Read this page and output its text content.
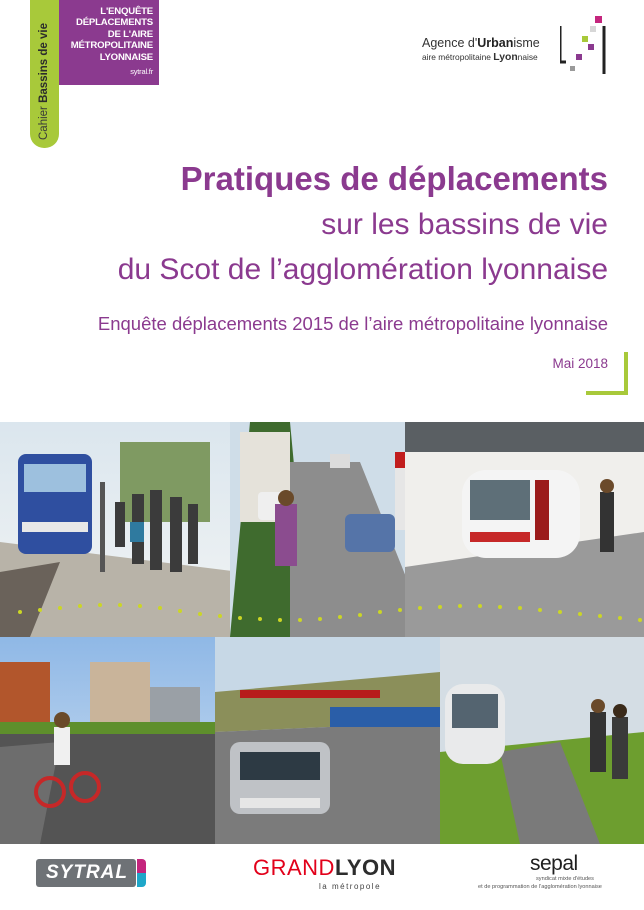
Cahier Bassins de vie
L'ENQUÊTE
DÉPLACEMENTS
DE L'AIRE
MÉTROPOLITAINE
LYONNAISE
sytral.fr
Agence d'Urbanisme
aire métropolitaine Lyonnaise
Pratiques de déplacements
sur les bassins de vie
du Scot de l’agglomération lyonnaise
Enquête déplacements 2015 de l’aire métropolitaine lyonnaise
Mai 2018
SYTRAL	GRANDLYON
la métropole
sepal
syndicat mixte d'études
et de programmation de l'agglomération lyonnaise
